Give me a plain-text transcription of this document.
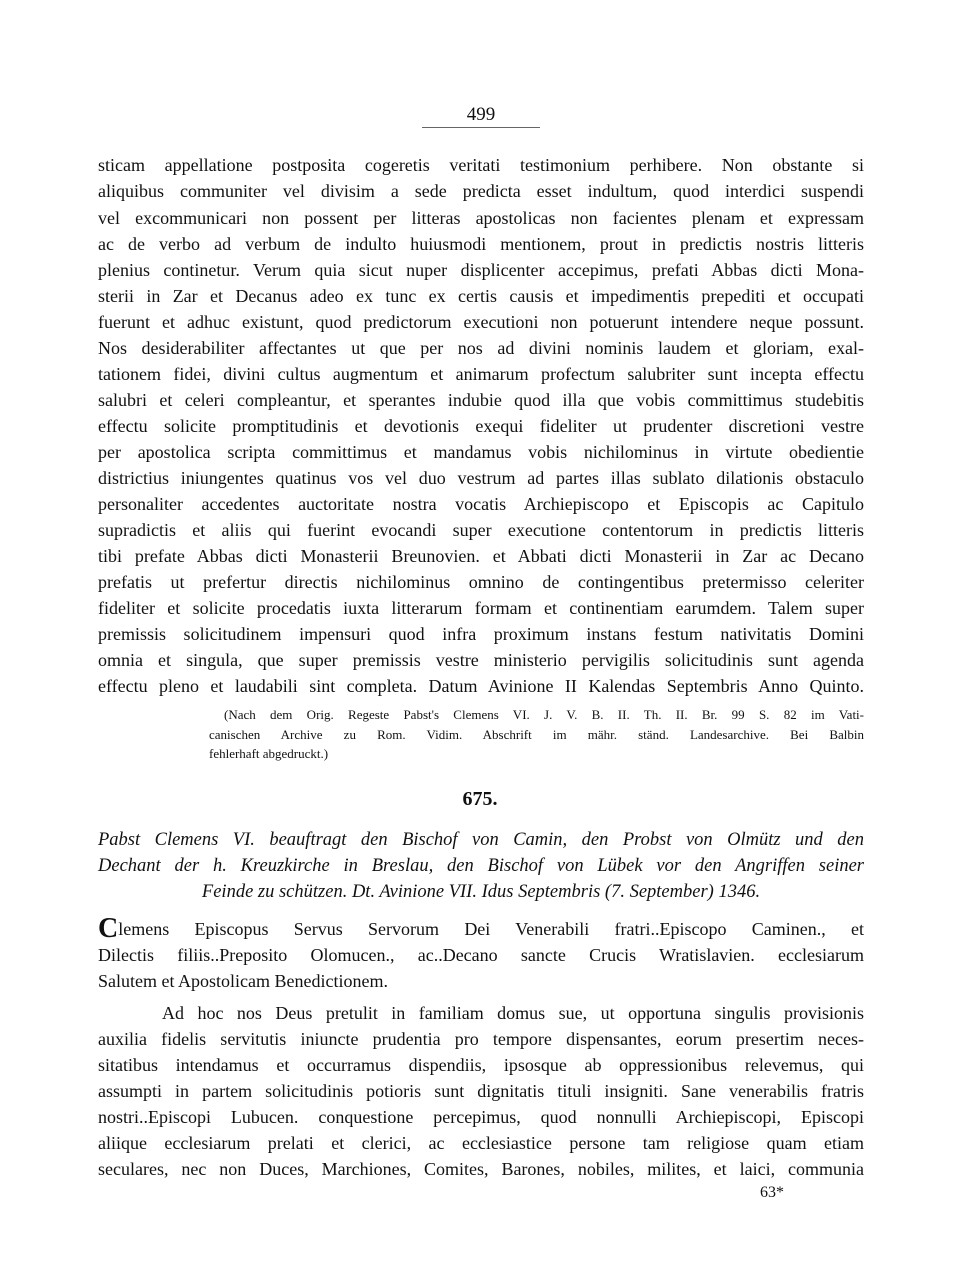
499
sticam appellatione postposita cogeretis veritati testimonium perhibere. Non obstante si
aliquibus communiter vel divisim a sede predicta esset indultum, quod interdici suspendi
vel excommunicari non possent per litteras apostolicas non facientes plenam et expressam
ac de verbo ad verbum de indulto huiusmodi mentionem, prout in predictis nostris litteris
plenius continetur. Verum quia sicut nuper displicenter accepimus, prefati Abbas dicti Mona-
sterii in Zar et Decanus adeo ex tunc ex certis causis et impedimentis prepediti et occupati
fuerunt et adhuc existunt, quod predictorum executioni non potuerunt intendere neque possunt.
Nos desiderabiliter affectantes ut que per nos ad divini nominis laudem et gloriam, exal-
tationem fidei, divini cultus augmentum et animarum profectum salubriter sunt incepta effectu
salubri et celeri compleantur, et sperantes indubie quod illa que vobis committimus studebitis
effectu solicite promptitudinis et devotionis exequi fideliter ut prudenter discretioni vestre
per apostolica scripta committimus et mandamus vobis nichilominus in virtute obedientie
districtius iniungentes quatinus vos vel duo vestrum ad partes illas sublato dilationis obstaculo
personaliter accedentes auctoritate nostra vocatis Archiepiscopo et Episcopis ac Capitulo
supradictis et aliis qui fuerint evocandi super executione contentorum in predictis litteris
tibi prefate Abbas dicti Monasterii Breunovien. et Abbati dicti Monasterii in Zar ac Decano
prefatis ut prefertur directis nichilominus omnino de contingentibus pretermisso celeriter
fideliter et solicite procedatis iuxta litterarum formam et continentiam earumdem. Talem super
premissis solicitudinem impensuri quod infra proximum instans festum nativitatis Domini
omnia et singula, que super premissis vestre ministerio pervigilis solicitudinis sunt agenda
effectu pleno et laudabili sint completa. Datum Avinione II Kalendas Septembris Anno Quinto.
(Nach dem Orig. Regeste Pabst's Clemens VI. J. V. B. II. Th. II. Br. 99 S. 82 im Vati-
canischen Archive zu Rom. Vidim. Abschrift im mähr. ständ. Landesarchive. Bei Balbin
fehlerhaft abgedruckt.)
675.
Pabst Clemens VI. beauftragt den Bischof von Camin, den Probst von Olmütz und den
Dechant der h. Kreuzkirche in Breslau, den Bischof von Lübek vor den Angriffen seiner
Feinde zu schützen. Dt. Avinione VII. Idus Septembris (7. September) 1346.
Clemens Episcopus Servus Servorum Dei Venerabili fratri..Episcopo Caminen., et
Dilectis filiis..Preposito Olomucen., ac..Decano sancte Crucis Wratislavien. ecclesiarum
Salutem et Apostolicam Benedictionem.
Ad hoc nos Deus pretulit in familiam domus sue, ut opportuna singulis provisionis
auxilia fidelis servitutis iniuncte prudentia pro tempore dispensantes, eorum presertim neces-
sitatibus intendamus et occurramus dispendiis, ipsosque ab oppressionibus relevemus, qui
assumpti in partem solicitudinis potioris sunt dignitatis tituli insigniti. Sane venerabilis fratris
nostri..Episcopi Lubucen. conquestione percepimus, quod nonnulli Archiepiscopi, Episcopi
aliique ecclesiarum prelati et clerici, ac ecclesiastice persone tam religiose quam etiam
seculares, nec non Duces, Marchiones, Comites, Barones, nobiles, milites, et laici, communia
63*
